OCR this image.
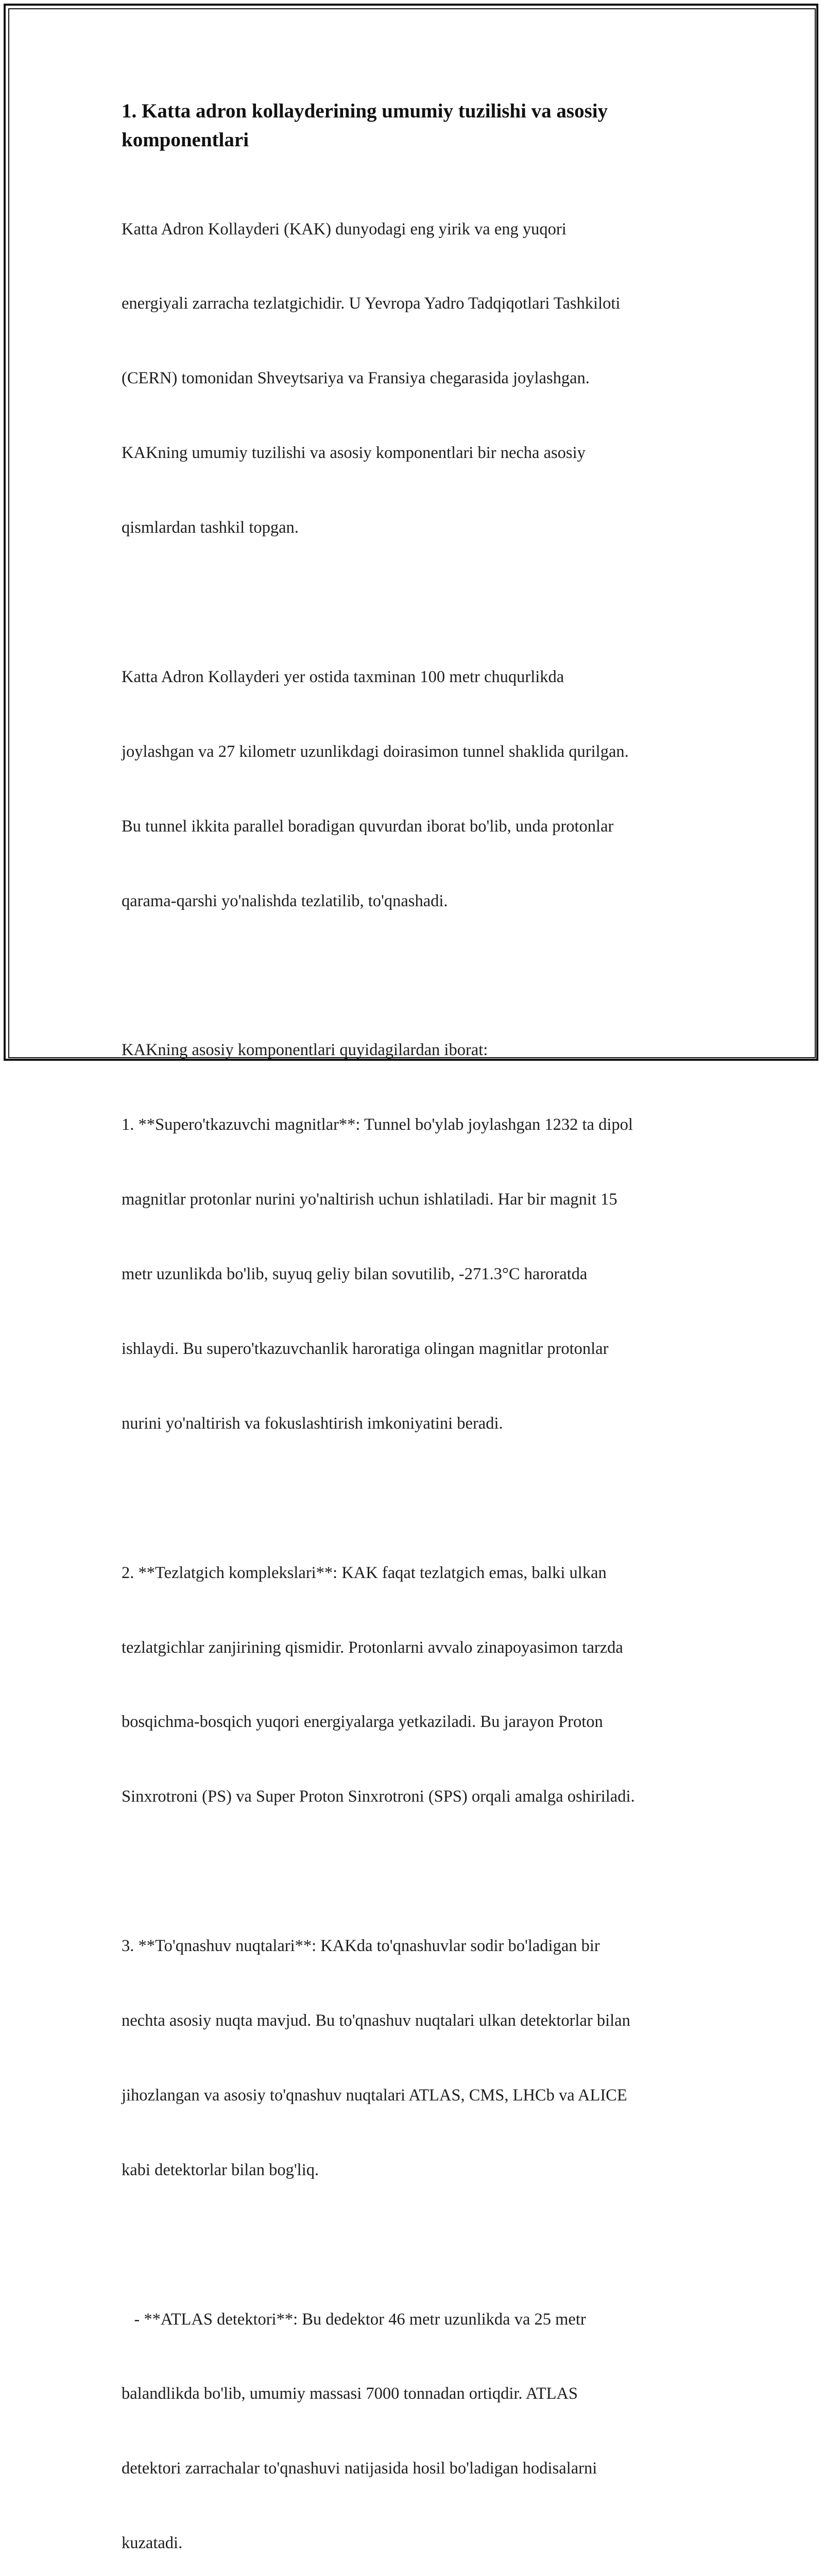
1. Katta adron kollayderining umumiy tuzilishi va asosiy
komponentlari

Katta Adron Kollayderi (KAK) dunyodagi eng yirik va eng yuqori

energiyali zarracha tezlatgichidir. U Yevropa Yadro Tadqiqotlari Tashkiloti

(CERN) tomonidan Shveytsariya va Fransiya chegarasida joylashgan.

KAKning umumiy tuzilishi va asosiy komponentlari bir necha asosiy

qismlardan tashkil topgan.

Katta Adron Kollayderi yer ostida taxminan 100 metr chuqurlikda

joylashgan va 27 kilometr uzunlikdagi doirasimon tunnel shaklida qurilgan.

Bu tunnel ikkita parallel boradigan quvurdan iborat bo'lib, unda protonlar

qarama-qarshi yo'nalishda tezlatilib, to'qnashadi.

KAKning asosiy komponentlari quyidagilardan iborat:

1. **Supero'tkazuvchi magnitlar**: Tunnel bo'ylab joylashgan 1232 ta dipol

magnitlar protonlar nurini yo'naltirish uchun ishlatiladi. Har bir magnit 15

metr uzunlikda bo'lib, suyuq geliy bilan sovutilib, -271.3°C haroratda

ishlaydi. Bu supero'tkazuvchanlik haroratiga olingan magnitlar protonlar

nurini yo'naltirish va fokuslashtirish imkoniyatini beradi.

2. **Tezlatgich komplekslari**: KAK faqat tezlatgich emas, balki ulkan

tezlatgichlar zanjirining qismidir. Protonlarni avvalo zinapoyasimon tarzda

bosqichma-bosqich yuqori energiyalarga yetkaziladi. Bu jarayon Proton

Sinxrotroni (PS) va Super Proton Sinxrotroni (SPS) orqali amalga oshiriladi.

3. **To'qnashuv nuqtalari**: KAKda to'qnashuvlar sodir bo'ladigan bir

nechta asosiy nuqta mavjud. Bu to'qnashuv nuqtalari ulkan detektorlar bilan

jihozlangan va asosiy to'qnashuv nuqtalari ATLAS, CMS, LHCb va ALICE

kabi detektorlar bilan bog'liq.

- **ATLAS detektori**: Bu dedektor 46 metr uzunlikda va 25 metr

balandlikda bo'lib, umumiy massasi 7000 tonnadan ortiqdir. ATLAS

detektori zarrachalar to'qnashuvi natijasida hosil bo'ladigan hodisalarni

kuzatadi.
